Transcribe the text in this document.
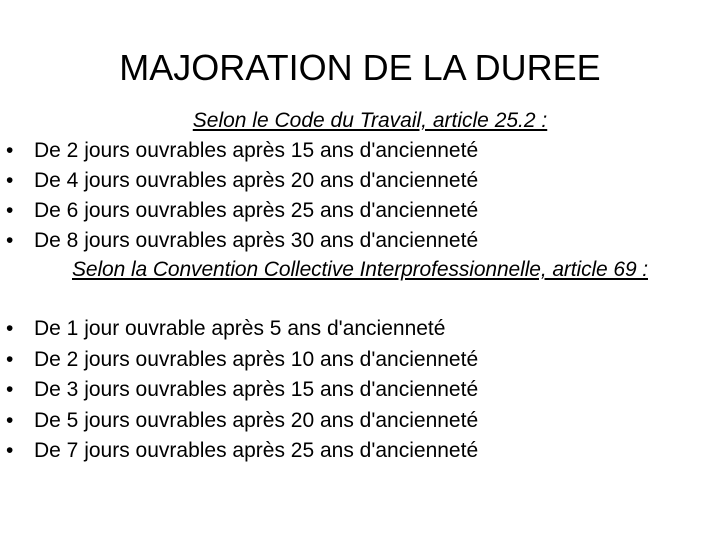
MAJORATION DE LA DUREE

Selon le Code du Travail, article 25.2 :

• De 2 jours ouvrables après 15 ans d'ancienneté
• De 4 jours ouvrables après 20 ans d'ancienneté
• De 6 jours ouvrables après 25 ans d'ancienneté
• De 8 jours ouvrables après 30 ans d'ancienneté

Selon la Convention Collective Interprofessionnelle, article 69 :

• De 1 jour ouvrable après 5 ans d'ancienneté
• De 2 jours ouvrables après 10 ans d'ancienneté
• De 3 jours ouvrables après 15 ans d'ancienneté
• De 5 jours ouvrables après 20 ans d'ancienneté
• De 7 jours ouvrables après 25 ans d'ancienneté
